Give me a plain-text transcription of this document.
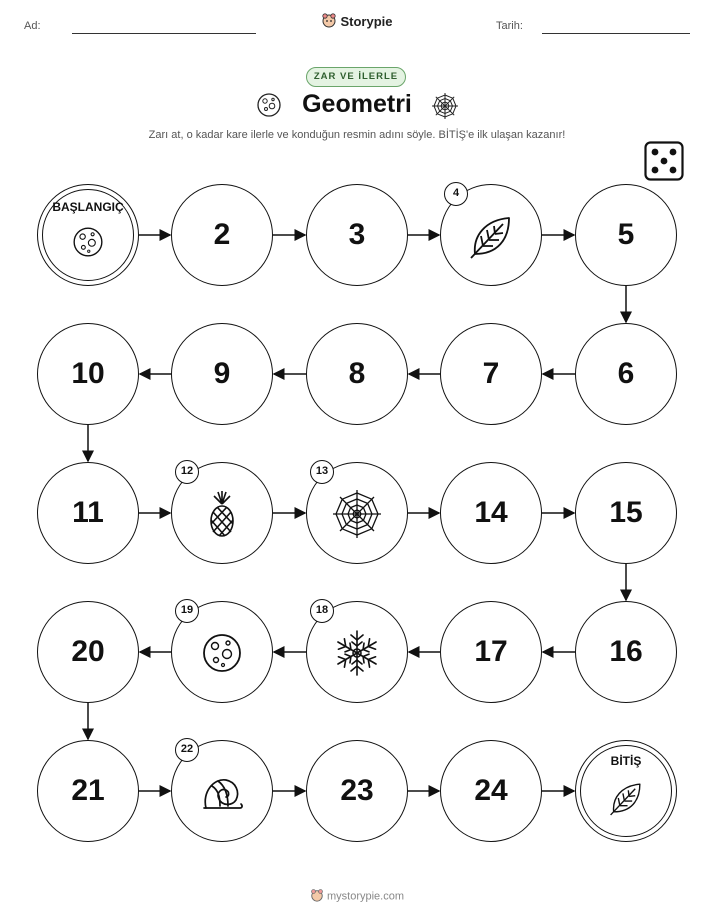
Ad:	Storypie	Tarih:
ZAR VE İLERLE
Geometri
Zarı at, o kadar kare ilerle ve konduğun resmin adını söyle. BİTİŞ'e ilk ulaşan kazanır!
BAŞLANGIÇ
2	3
4
5
6
7
8
9
10
11
12	13
14	15
16
17
18
19
20
21
22
23	24
BİTİŞ
mystorypie.com
